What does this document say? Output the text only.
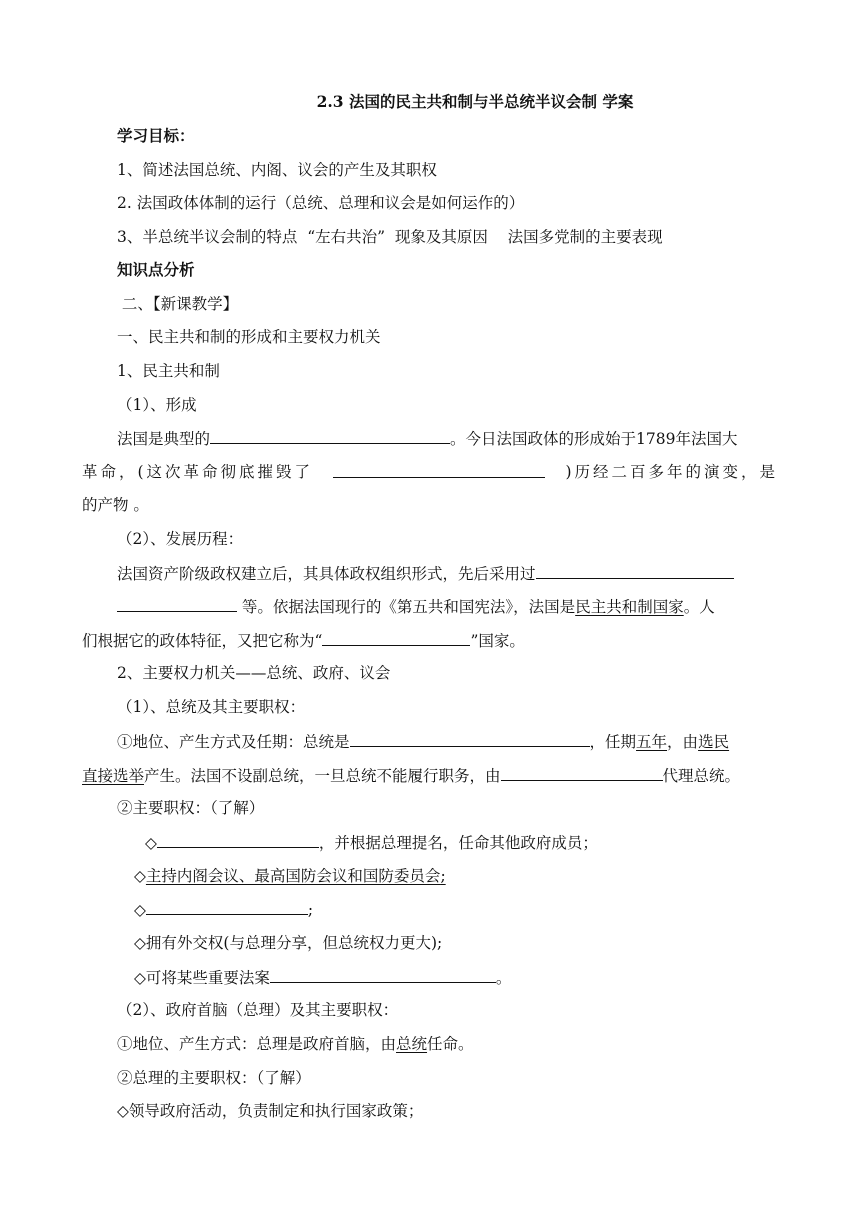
2.3 法国的民主共和制与半总统半议会制 学案
学习目标：
1、简述法国总统、内阁、议会的产生及其职权
2. 法国政体体制的运行（总统、总理和议会是如何运作的）
3、半总统半议会制的特点  “左右共治”  现象及其原因    法国多党制的主要表现
知识点分析
二、【新课教学】
一、民主共和制的形成和主要权力机关
1、民主共和制
（1）、形成
法国是典型的	。今日法国政体的形成始于1789年法国大
革命，(这次革命彻底摧毁了	)历经二百多年的演变，是
的产物 。
（2）、发展历程：
法国资产阶级政权建立后，其具体政权组织形式，先后采用过
等。依据法国现行的《第五共和国宪法》，法国是民主共和制国家。人
们根据它的政体特征，又把它称为“	”国家。
2、主要权力机关——总统、政府、议会
（1）、总统及其主要职权：
①地位、产生方式及任期：总统是	，任期五年，由选民
直接选举产生。法国不设副总统，一旦总统不能履行职务，由	代理总统。
②主要职权：（了解）
◇	，并根据总理提名，任命其他政府成员；
◇主持内阁会议、最高国防会议和国防委员会;
◇	;
◇拥有外交权(与总理分享，但总统权力更大);
◇可将某些重要法案	。
（2）、政府首脑（总理）及其主要职权：
①地位、产生方式：总理是政府首脑，由总统任命。
②总理的主要职权：（了解）
◇领导政府活动，负责制定和执行国家政策；
